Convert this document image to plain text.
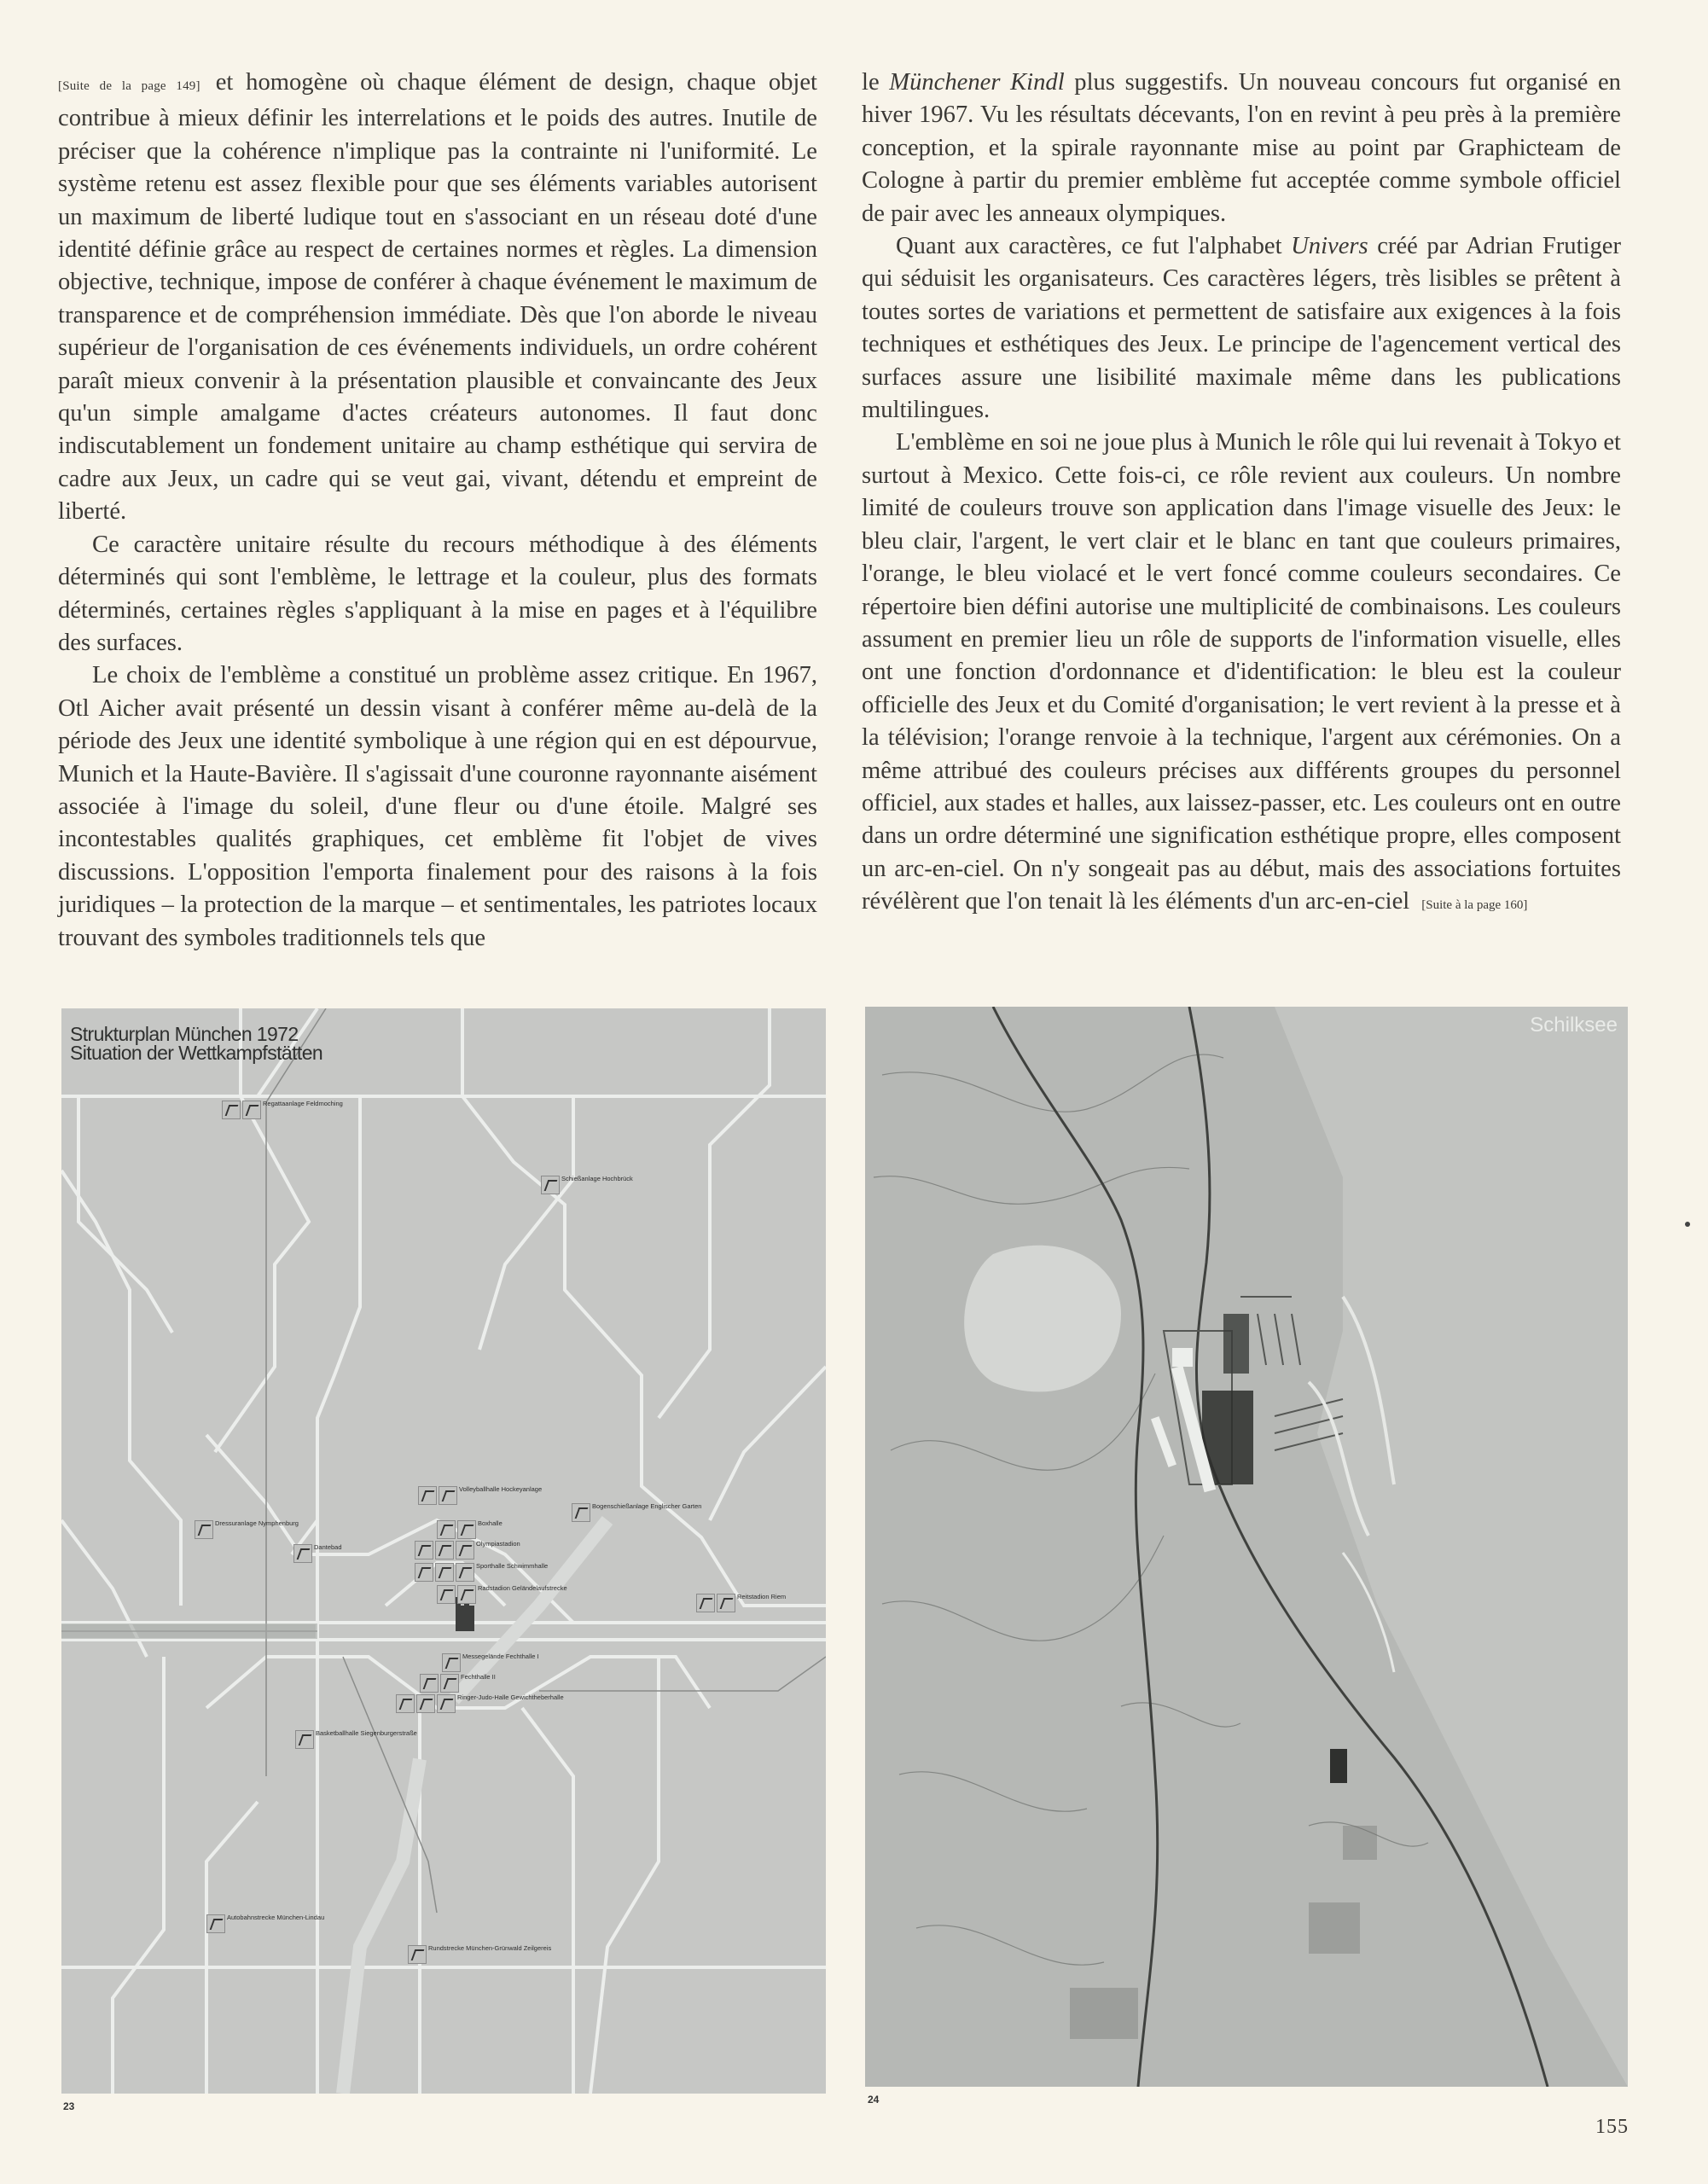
[Suite de la page 149] et homogène où chaque élément de design, chaque objet contribue à mieux définir les interrelations et le poids des autres. Inutile de préciser que la cohérence n'implique pas la contrainte ni l'uniformité. Le système retenu est assez flexible pour que ses éléments variables autorisent un maximum de liberté ludique tout en s'associant en un réseau doté d'une identité définie grâce au respect de certaines normes et règles. La dimension objective, technique, impose de conférer à chaque événement le maximum de transparence et de compréhension immédiate. Dès que l'on aborde le niveau supérieur de l'organisation de ces événements individuels, un ordre cohérent paraît mieux convenir à la présentation plausible et convaincante des Jeux qu'un simple amalgame d'actes créateurs autonomes. Il faut donc indiscutablement un fondement unitaire au champ esthétique qui servira de cadre aux Jeux, un cadre qui se veut gai, vivant, détendu et empreint de liberté.

Ce caractère unitaire résulte du recours méthodique à des éléments déterminés qui sont l'emblème, le lettrage et la couleur, plus des formats déterminés, certaines règles s'appliquant à la mise en pages et à l'équilibre des surfaces.

Le choix de l'emblème a constitué un problème assez critique. En 1967, Otl Aicher avait présenté un dessin visant à conférer même au-delà de la période des Jeux une identité symbolique à une région qui en est dépourvue, Munich et la Haute-Bavière. Il s'agissait d'une couronne rayonnante aisément associée à l'image du soleil, d'une fleur ou d'une étoile. Malgré ses incontestables qualités graphiques, cet emblème fit l'objet de vives discussions. L'opposition l'emporta finalement pour des raisons à la fois juridiques – la protection de la marque – et sentimentales, les patriotes locaux trouvant des symboles traditionnels tels que

le Münchener Kindl plus suggestifs. Un nouveau concours fut organisé en hiver 1967. Vu les résultats décevants, l'on en revint à peu près à la première conception, et la spirale rayonnante mise au point par Graphicteam de Cologne à partir du premier emblème fut acceptée comme symbole officiel de pair avec les anneaux olympiques.

Quant aux caractères, ce fut l'alphabet Univers créé par Adrian Frutiger qui séduisit les organisateurs. Ces caractères légers, très lisibles se prêtent à toutes sortes de variations et permettent de satisfaire aux exigences à la fois techniques et esthétiques des Jeux. Le principe de l'agencement vertical des surfaces assure une lisibilité maximale même dans les publications multilingues.

L'emblème en soi ne joue plus à Munich le rôle qui lui revenait à Tokyo et surtout à Mexico. Cette fois-ci, ce rôle revient aux couleurs. Un nombre limité de couleurs trouve son application dans l'image visuelle des Jeux: le bleu clair, l'argent, le vert clair et le blanc en tant que couleurs primaires, l'orange, le bleu violacé et le vert foncé comme couleurs secondaires. Ce répertoire bien défini autorise une multiplicité de combinaisons. Les couleurs assument en premier lieu un rôle de supports de l'information visuelle, elles ont une fonction d'ordonnance et d'identification: le bleu est la couleur officielle des Jeux et du Comité d'organisation; le vert revient à la presse et à la télévision; l'orange renvoie à la technique, l'argent aux cérémonies. On a même attribué des couleurs précises aux différents groupes du personnel officiel, aux stades et halles, aux laissez-passer, etc. Les couleurs ont en outre dans un ordre déterminé une signification esthétique propre, elles composent un arc-en-ciel. On n'y songeait pas au début, mais des associations fortuites révélèrent que l'on tenait là les éléments d'un arc-en-ciel [Suite à la page 160]

Strukturplan München 1972
Situation der Wettkampfstätten
Regattaanlage Feldmoching
Schießanlage Hochbrück
Volleyballhalle Hockeyanlage
Boxhalle
Olympiastadion
Sporthalle Schwimmhalle
Radstadion Geländelaufstrecke
Bogenschießanlage Englischer Garten
Dantebad
Dressuranlage Nymphenburg
Reitstadion Riem
Messegelände Fechthalle I
Fechthalle II
Ringer-Judo-Halle Gewichtheberhalle
Basketballhalle Siegenburgerstraße
Autobahnstrecke München-Lindau
Rundstrecke München-Grünwald Zeilgereis
23
Schilksee
24
155
